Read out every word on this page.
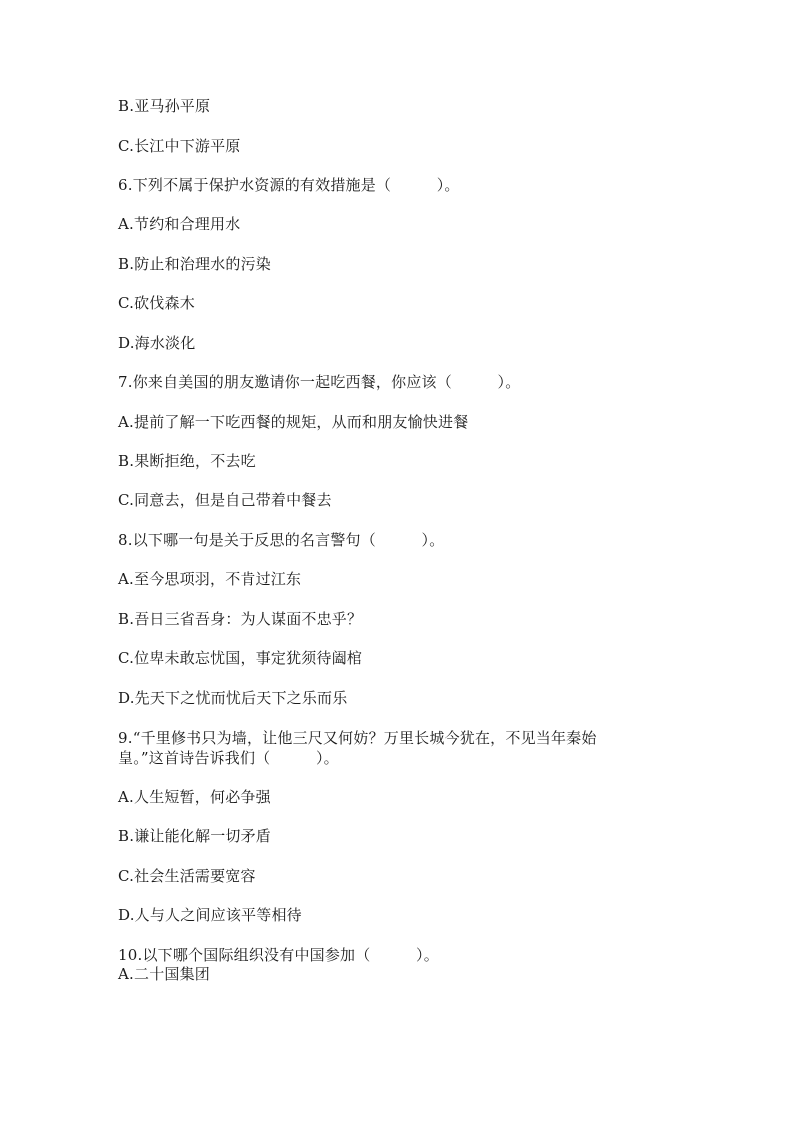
B.亚马孙平原
C.长江中下游平原
6.下列不属于保护水资源的有效措施是（　　　）。
A.节约和合理用水
B.防止和治理水的污染
C.砍伐森木
D.海水淡化
7.你来自美国的朋友邀请你一起吃西餐，你应该（　　　）。
A.提前了解一下吃西餐的规矩，从而和朋友愉快进餐
B.果断拒绝，不去吃
C.同意去，但是自己带着中餐去
8.以下哪一句是关于反思的名言警句（　　　）。
A.至今思项羽，不肯过江东
B.吾日三省吾身：为人谋面不忠乎？
C.位卑未敢忘忧国，事定犹须待阖棺
D.先天下之忧而忧后天下之乐而乐
9.“千里修书只为墙，让他三尺又何妨？万里长城今犹在，不见当年秦始
皇。”这首诗告诉我们（　　　）。
A.人生短暂，何必争强
B.谦让能化解一切矛盾
C.社会生活需要宽容
D.人与人之间应该平等相待
10.以下哪个国际组织没有中国参加（　　　）。
A.二十国集团
